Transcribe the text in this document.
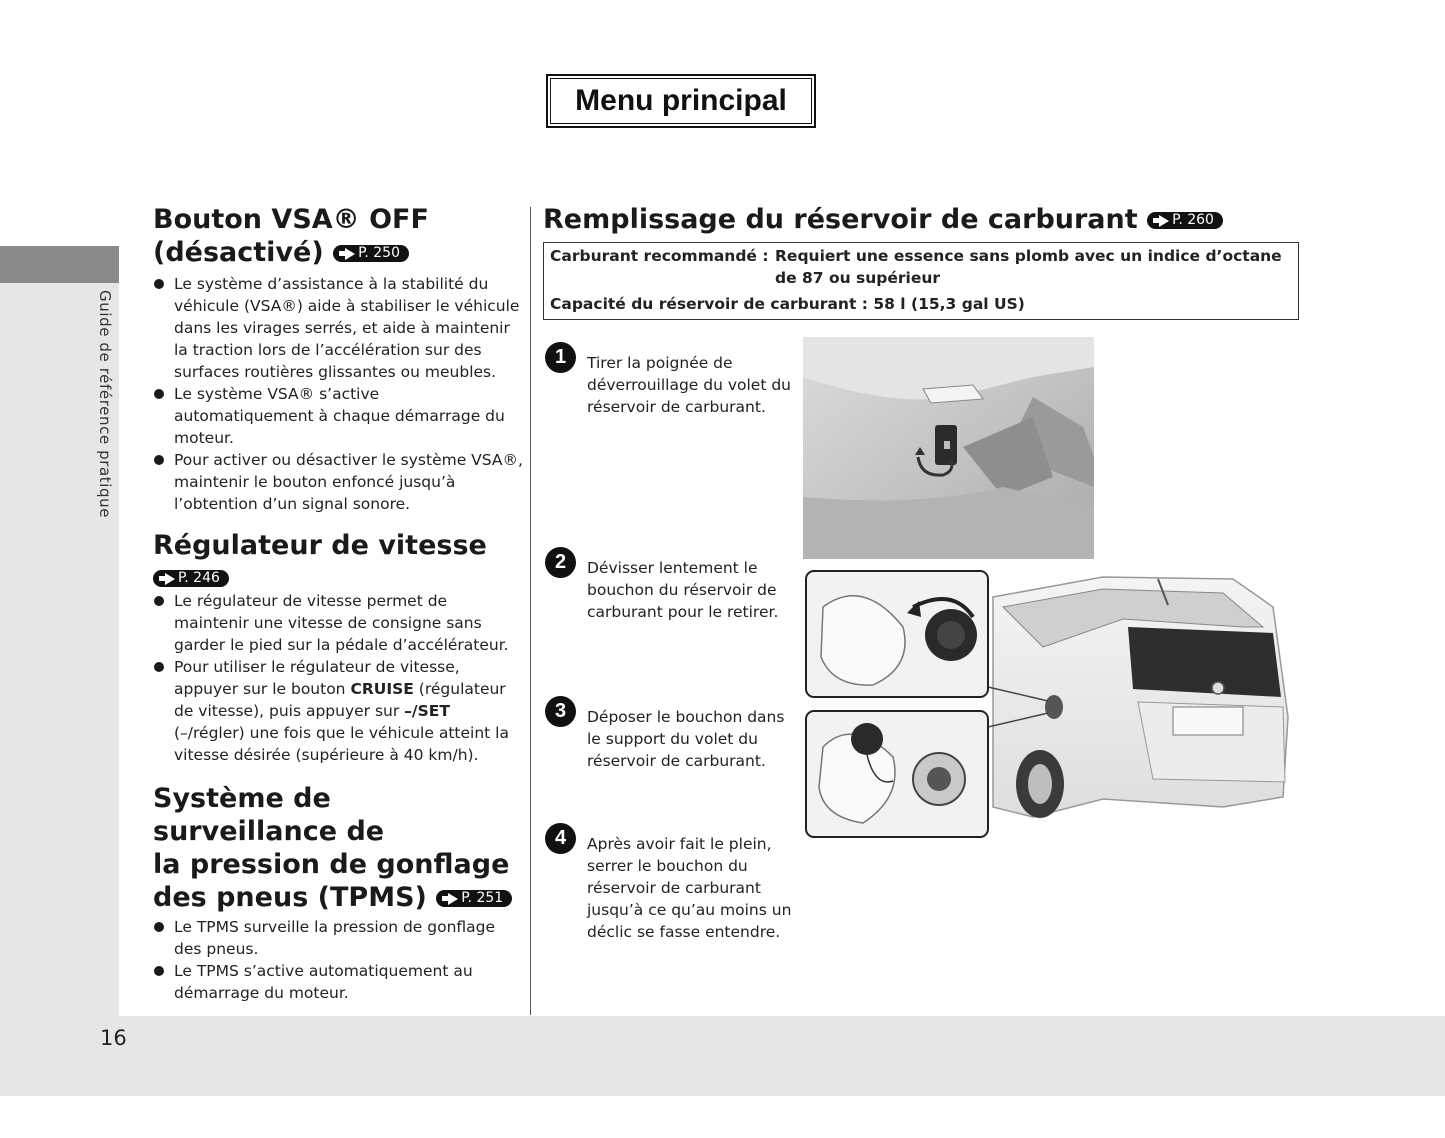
Guide de référence pratique
16
Menu principal
Bouton VSA® OFF
(désactivé) P. 250
Le système d’assistance à la stabilité du véhicule (VSA®) aide à stabiliser le véhicule dans les virages serrés, et aide à maintenir la traction lors de l’accélération sur des surfaces routières glissantes ou meubles.
Le système VSA® s’active automatiquement à chaque démarrage du moteur.
Pour activer ou désactiver le système VSA®, maintenir le bouton enfoncé jusqu’à l’obtention d’un signal sonore.
Régulateur de vitesse
P. 246
Le régulateur de vitesse permet de maintenir une vitesse de consigne sans garder le pied sur la pédale d’accélérateur.
Pour utiliser le régulateur de vitesse, appuyer sur le bouton CRUISE (régulateur de vitesse), puis appuyer sur –/SET (–/régler) une fois que le véhicule atteint la vitesse désirée (supérieure à 40 km/h).
Système de surveillance de
la pression de gonflage
des pneus (TPMS) P. 251
Le TPMS surveille la pression de gonflage des pneus.
Le TPMS s’active automatiquement au démarrage du moteur.
Remplissage du réservoir de carburant P. 260
Carburant recommandé : Requiert une essence sans plomb avec un indice d’octane de 87 ou supérieur
Capacité du réservoir de carburant : 58 l (15,3 gal US)
1	Tirer la poignée de déverrouillage du volet du réservoir de carburant.
2	Dévisser lentement le bouchon du réservoir de carburant pour le retirer.
3	Déposer le bouchon dans le support du volet du réservoir de carburant.
4	Après avoir fait le plein, serrer le bouchon du réservoir de carburant jusqu’à ce qu’au moins un déclic se fasse entendre.
